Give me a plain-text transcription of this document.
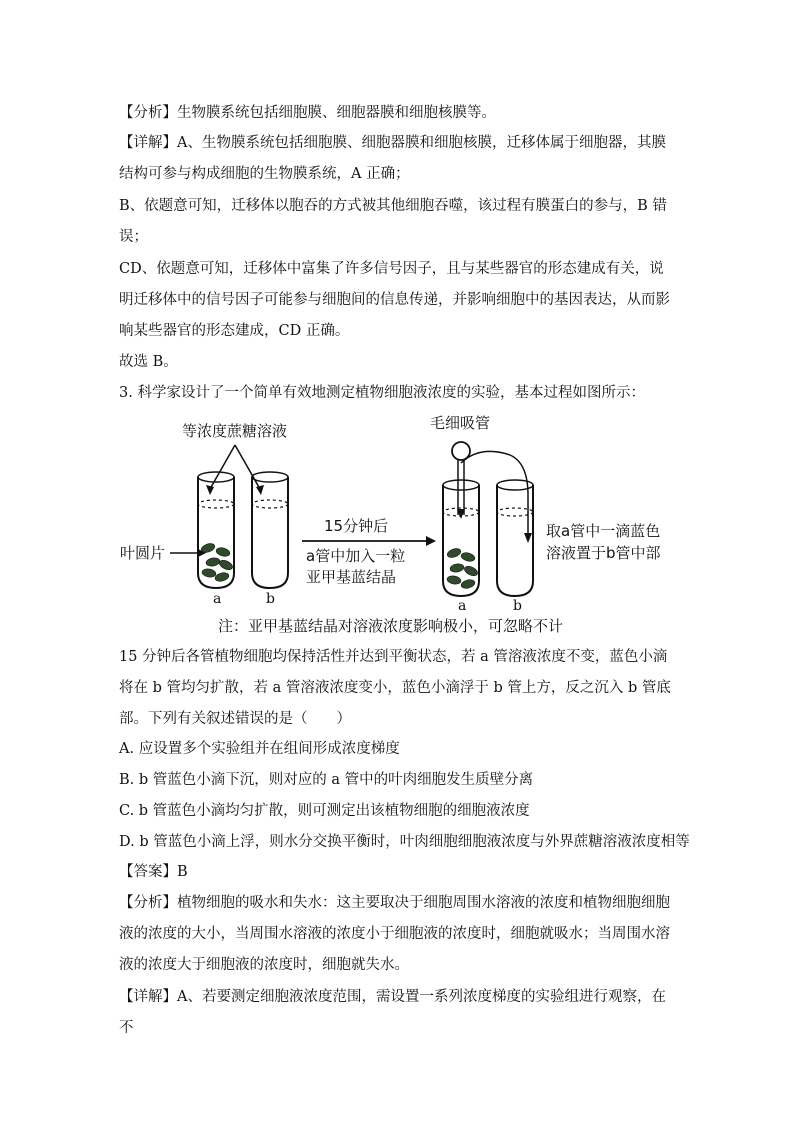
【分析】生物膜系统包括细胞膜、细胞器膜和细胞核膜等。

【详解】A、生物膜系统包括细胞膜、细胞器膜和细胞核膜，迁移体属于细胞器，其膜结构可参与构成细胞的生物膜系统，A 正确；

B、依题意可知，迁移体以胞吞的方式被其他细胞吞噬，该过程有膜蛋白的参与，B 错误；

CD、依题意可知，迁移体中富集了许多信号因子，且与某些器官的形态建成有关，说明迁移体中的信号因子可能参与细胞间的信息传递，并影响细胞中的基因表达，从而影响某些器官的形态建成，CD 正确。

故选 B。

3. 科学家设计了一个简单有效地测定植物细胞液浓度的实验，基本过程如图所示：

等浓度蔗糖溶液
叶圆片
a	b
15分钟后
a管中加入一粒
亚甲基蓝结晶
毛细吸管
a	b
取a管中一滴蓝色
溶液置于b管中部
注：亚甲基蓝结晶对溶液浓度影响极小，可忽略不计

15 分钟后各管植物细胞均保持活性并达到平衡状态，若 a 管溶液浓度不变，蓝色小滴将在 b 管均匀扩散，若 a 管溶液浓度变小，蓝色小滴浮于 b 管上方，反之沉入 b 管底部。下列有关叙述错误的是（　　）

A. 应设置多个实验组并在组间形成浓度梯度
B. b 管蓝色小滴下沉，则对应的 a 管中的叶肉细胞发生质壁分离
C. b 管蓝色小滴均匀扩散，则可测定出该植物细胞的细胞液浓度
D. b 管蓝色小滴上浮，则水分交换平衡时，叶肉细胞细胞液浓度与外界蔗糖溶液浓度相等

【答案】B

【分析】植物细胞的吸水和失水：这主要取决于细胞周围水溶液的浓度和植物细胞细胞液的浓度的大小，当周围水溶液的浓度小于细胞液的浓度时，细胞就吸水；当周围水溶液的浓度大于细胞液的浓度时，细胞就失水。

【详解】A、若要测定细胞液浓度范围，需设置一系列浓度梯度的实验组进行观察，在不
